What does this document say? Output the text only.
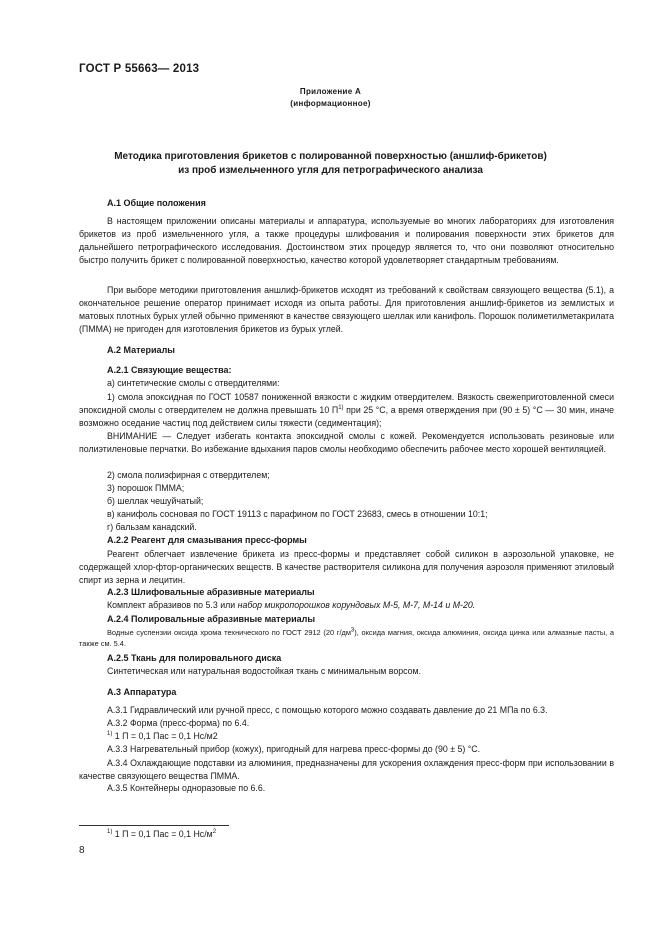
ГОСТ Р 55663— 2013
Приложение А
(информационное)
Методика приготовления брикетов с полированной поверхностью (аншлиф-брикетов)
из проб измельченного угля для петрографического анализа
А.1 Общие положения

В настоящем приложении описаны материалы и аппаратура, используемые во многих лабораториях для изготовления брикетов из проб измельченного угля, а также процедуры шлифования и полирования поверхности этих брикетов для дальнейшего петрографического исследования. Достоинством этих процедур является то, что они позволяют относительно быстро получить брикет с полированной поверхностью, качество которой удовлетворяет стандартным требованиям.

При выборе методики приготовления аншлиф-брикетов исходят из требований к свойствам связующего вещества (5.1), а окончательное решение оператор принимает исходя из опыта работы. Для приготовления аншлиф-брикетов из землистых и матовых плотных бурых углей обычно применяют в качестве связующего шеллак или канифоль. Порошок полиметилметакрилата (ПММА) не пригоден для изготовления брикетов из бурых углей.

А.2 Материалы
А.2.1 Связующие вещества:
а) синтетические смолы с отвердителями:

1) смола эпоксидная по ГОСТ 10587 пониженной вязкости с жидким отвердителем. Вязкость свежеприготовленной смеси эпоксидной смолы с отвердителем не должна превышать 10 $П^{1)}$ при 25 °С, а время отверждения при (90 ± 5) °С — 30 мин, иначе возможно оседание частиц под действием силы тяжести (седиментация);

ВНИМАНИЕ — Следует избегать контакта эпоксидной смолы с кожей. Рекомендуется использовать резиновые или полиэтиленовые перчатки. Во избежание вдыхания паров смолы необходимо обеспечить рабочее место хорошей вентиляцией.

2) смола полиэфирная с отвердителем;
3) порошок ПММА;
б) шеллак чешуйчатый;
в) канифоль сосновая по ГОСТ 19113 с парафином по ГОСТ 23683, смесь в отношении 10:1;
г) бальзам канадский.
А.2.2 Реагент для смазывания пресс-формы

Реагент облегчает извлечение брикета из пресс-формы и представляет собой силикон в аэрозольной упаковке, не содержащей хлор-фтор-органических веществ. В качестве растворителя силикона для получения аэрозоля применяют этиловый спирт из зерна и лецитин.

А.2.3 Шлифовальные абразивные материалы
Комплект абразивов по 5.3 или набор микропорошков корундовых М-5, М-7, М-14 и М-20.
А.2.4 Полировальные абразивные материалы

Водные суспензии оксида хрома технического по ГОСТ 2912 (20 $г/дм^3$), оксида магния, оксида алюминия, оксида цинка или алмазные пасты, а также см. 5.4.

А.2.5 Ткань для полировального диска
Синтетическая или натуральная водостойкая ткань с минимальным ворсом.
А.3 Аппаратура
А.3.1 Гидравлический или ручной пресс, с помощью которого можно создавать давление до 21 МПа по 6.3.
А.3.2 Форма (пресс-форма) по 6.4.
$^{1)}$ 1 П = 0,1 Пас = 0,1 Нс/м2
А.3.3 Нагревательный прибор (кожух), пригодный для нагрева пресс-формы до (90 ± 5) °С.

А.3.4 Охлаждающие подставки из алюминия, предназначены для ускорения охлаждения пресс-форм при использовании в качестве связующего вещества ПММА.

А.3.5 Контейнеры одноразовые по 6.6.
$^{1)}$ 1 П = 0,1 Пас = 0,1 $Нс/м^2$
8
